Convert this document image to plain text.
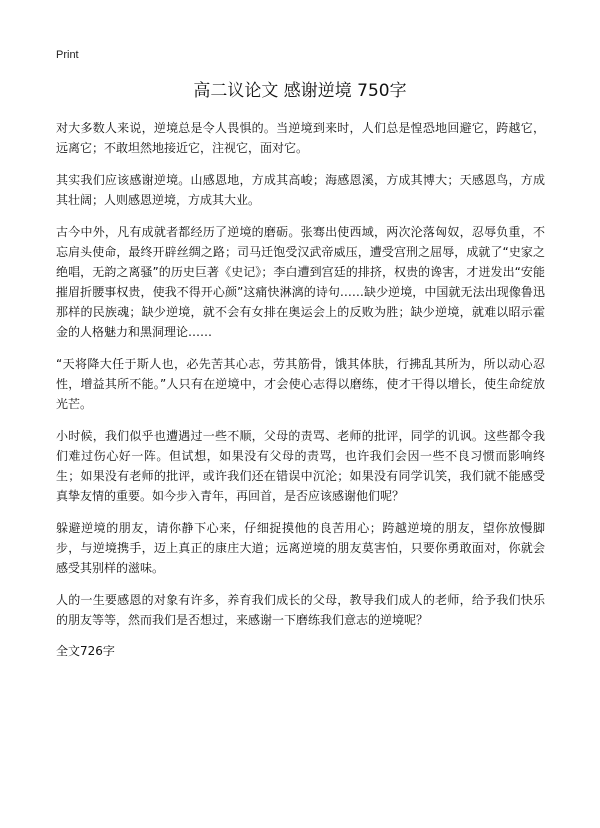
Print
高二议论文 感谢逆境 750字

对大多数人来说，逆境总是令人畏惧的。当逆境到来时，人们总是惶恐地回避它，跨越它，远离它；不敢坦然地接近它，注视它，面对它。

其实我们应该感谢逆境。山感恩地，方成其高峻；海感恩溪，方成其博大；天感恩鸟，方成其壮阔；人则感恩逆境，方成其大业。

古今中外，凡有成就者都经历了逆境的磨砺。张骞出使西域，两次沦落匈奴，忍辱负重，不忘肩头使命，最终开辟丝绸之路；司马迁饱受汉武帝威压，遭受宫刑之屈辱，成就了“史家之绝唱，无韵之离骚”的历史巨著《史记》；李白遭到宫廷的排挤，权贵的谗害，才迸发出“安能摧眉折腰事权贵，使我不得开心颜”这痛快淋漓的诗句……缺少逆境，中国就无法出现像鲁迅那样的民族魂；缺少逆境，就不会有女排在奥运会上的反败为胜；缺少逆境，就难以昭示霍金的人格魅力和黑洞理论……

“天将降大任于斯人也，必先苦其心志，劳其筋骨，饿其体肤，行拂乱其所为，所以动心忍性，增益其所不能。”人只有在逆境中，才会使心志得以磨练，使才干得以增长，使生命绽放光芒。

小时候，我们似乎也遭遇过一些不顺，父母的责骂、老师的批评，同学的讥讽。这些都令我们难过伤心好一阵。但试想，如果没有父母的责骂，也许我们会因一些不良习惯而影响终生；如果没有老师的批评，或许我们还在错误中沉沦；如果没有同学讥笑，我们就不能感受真挚友情的重要。如今步入青年，再回首，是否应该感谢他们呢？

躲避逆境的朋友，请你静下心来，仔细捉摸他的良苦用心；跨越逆境的朋友，望你放慢脚步，与逆境携手，迈上真正的康庄大道；远离逆境的朋友莫害怕，只要你勇敢面对，你就会感受其别样的滋味。

人的一生要感恩的对象有许多，养育我们成长的父母，教导我们成人的老师，给予我们快乐的朋友等等，然而我们是否想过，来感谢一下磨练我们意志的逆境呢？

全文726字
